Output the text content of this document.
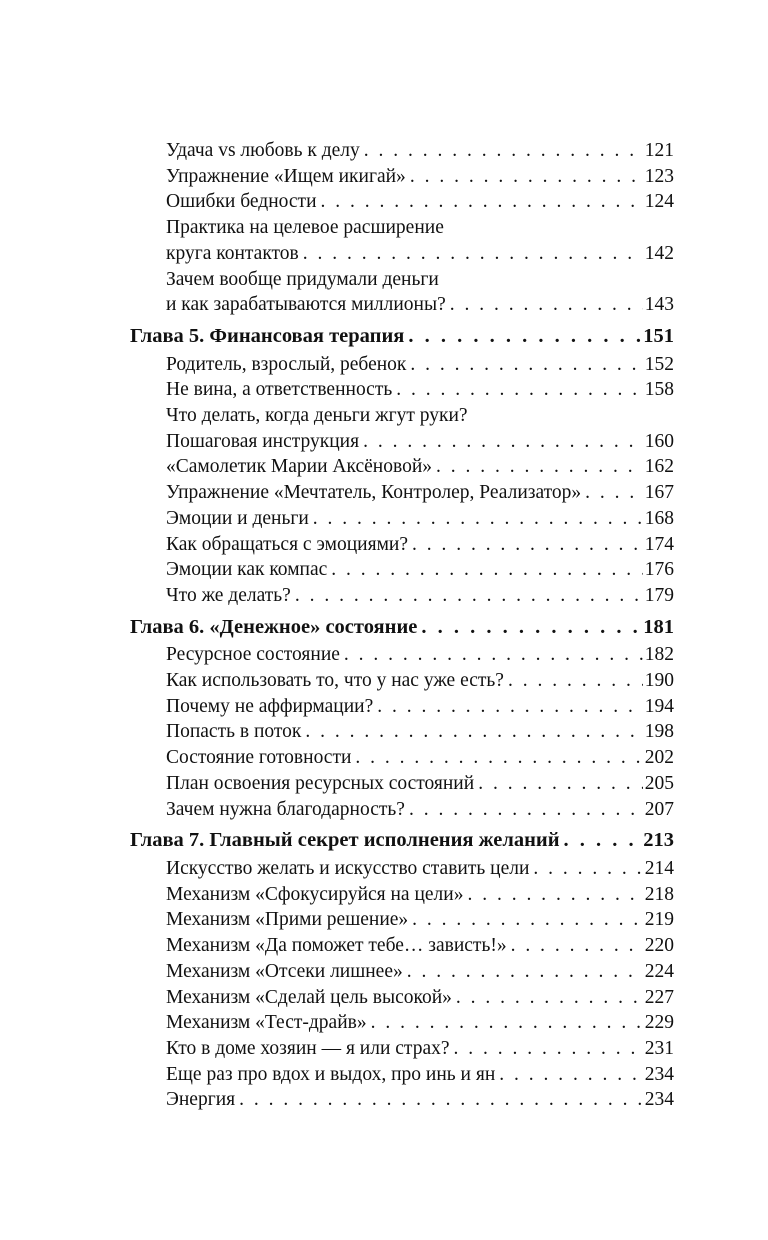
Удача vs любовь к делу . . .	121
Упражнение «Ищем икигай» . . .	123
Ошибки бедности . . .	124
Практика на целевое расширение
круга контактов . . .	142
Зачем вообще придумали деньги
и как зарабатываются миллионы? . . .	143
Глава 5. Финансовая терапия . . .	151
Родитель, взрослый, ребенок . . .	152
Не вина, а ответственность . . .	158
Что делать, когда деньги жгут руки?
Пошаговая инструкция . . .	160
«Самолетик Марии Аксёновой» . . .	162
Упражнение «Мечтатель, Контролер, Реализатор» . . .	167
Эмоции и деньги . . .	168
Как обращаться с эмоциями? . . .	174
Эмоции как компас . . .	176
Что же делать? . . .	179
Глава 6. «Денежное» состояние . . .	181
Ресурсное состояние . . .	182
Как использовать то, что у нас уже есть? . . .	190
Почему не аффирмации? . . .	194
Попасть в поток . . .	198
Состояние готовности . . .	202
План освоения ресурсных состояний . . .	205
Зачем нужна благодарность? . . .	207
Глава 7. Главный секрет исполнения желаний . . .	213
Искусство желать и искусство ставить цели . . .	214
Механизм «Сфокусируйся на цели» . . .	218
Механизм «Прими решение» . . .	219
Механизм «Да поможет тебе… зависть!» . . .	220
Механизм «Отсеки лишнее» . . .	224
Механизм «Сделай цель высокой» . . .	227
Механизм «Тест-драйв» . . .	229
Кто в доме хозяин — я или страх? . . .	231
Еще раз про вдох и выдох, про инь и ян . . .	234
Энергия . . .	234
